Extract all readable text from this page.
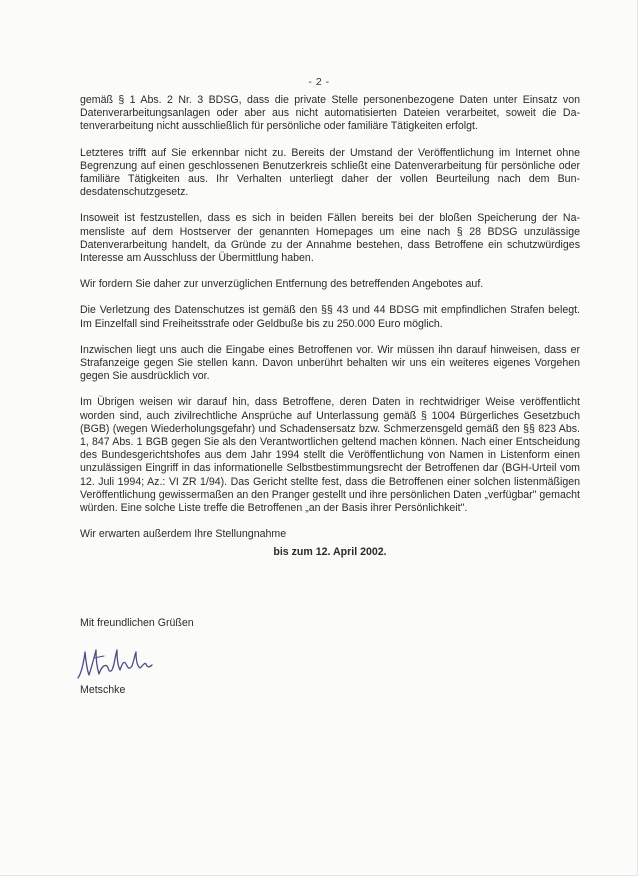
- 2 -

gemäß § 1 Abs. 2 Nr. 3 BDSG, dass die private Stelle personenbezogene Daten unter Einsatz von Datenverarbeitungsanlagen oder aber aus nicht automatisierten Dateien verarbeitet, soweit die Datenverarbeitung nicht ausschließlich für persönliche oder familiäre Tätigkeiten erfolgt.

Letzteres trifft auf Sie erkennbar nicht zu. Bereits der Umstand der Veröffentlichung im Internet ohne Begrenzung auf einen geschlossenen Benutzerkreis schließt eine Datenverarbeitung für persönliche oder familiäre Tätigkeiten aus. Ihr Verhalten unterliegt daher der vollen Beurteilung nach dem Bundesdatenschutzgesetz.

Insoweit ist festzustellen, dass es sich in beiden Fällen bereits bei der bloßen Speicherung der Namensliste auf dem Hostserver der genannten Homepages um eine nach § 28 BDSG unzulässige Datenverarbeitung handelt, da Gründe zu der Annahme bestehen, dass Betroffene ein schutzwürdiges Interesse am Ausschluss der Übermittlung haben.

Wir fordern Sie daher zur unverzüglichen Entfernung des betreffenden Angebotes auf.

Die Verletzung des Datenschutzes ist gemäß den §§ 43 und 44 BDSG mit empfindlichen Strafen belegt. Im Einzelfall sind Freiheitsstrafe oder Geldbuße bis zu 250.000 Euro möglich.

Inzwischen liegt uns auch die Eingabe eines Betroffenen vor. Wir müssen ihn darauf hinweisen, dass er Strafanzeige gegen Sie stellen kann. Davon unberührt behalten wir uns ein weiteres eigenes Vorgehen gegen Sie ausdrücklich vor.

Im Übrigen weisen wir darauf hin, dass Betroffene, deren Daten in rechtwidriger Weise veröffentlicht worden sind, auch zivilrechtliche Ansprüche auf Unterlassung gemäß § 1004 Bürgerliches Gesetzbuch (BGB) (wegen Wiederholungsgefahr) und Schadensersatz bzw. Schmerzensgeld gemäß den §§ 823 Abs. 1, 847 Abs. 1 BGB gegen Sie als den Verantwortlichen geltend machen können. Nach einer Entscheidung des Bundesgerichtshofes aus dem Jahr 1994 stellt die Veröffentlichung von Namen in Listenform einen unzulässigen Eingriff in das informationelle Selbstbestimmungsrecht der Betroffenen dar (BGH-Urteil vom 12. Juli 1994; Az.: VI ZR 1/94). Das Gericht stellte fest, dass die Betroffenen einer solchen listenmäßigen Veröffentlichung gewissermaßen an den Pranger gestellt und ihre persönlichen Daten „verfügbar" gemacht würden. Eine solche Liste treffe die Betroffenen „an der Basis ihrer Persönlichkeit".

Wir erwarten außerdem Ihre Stellungnahme

bis zum 12. April 2002.
Mit freundlichen Grüßen
Metschke
